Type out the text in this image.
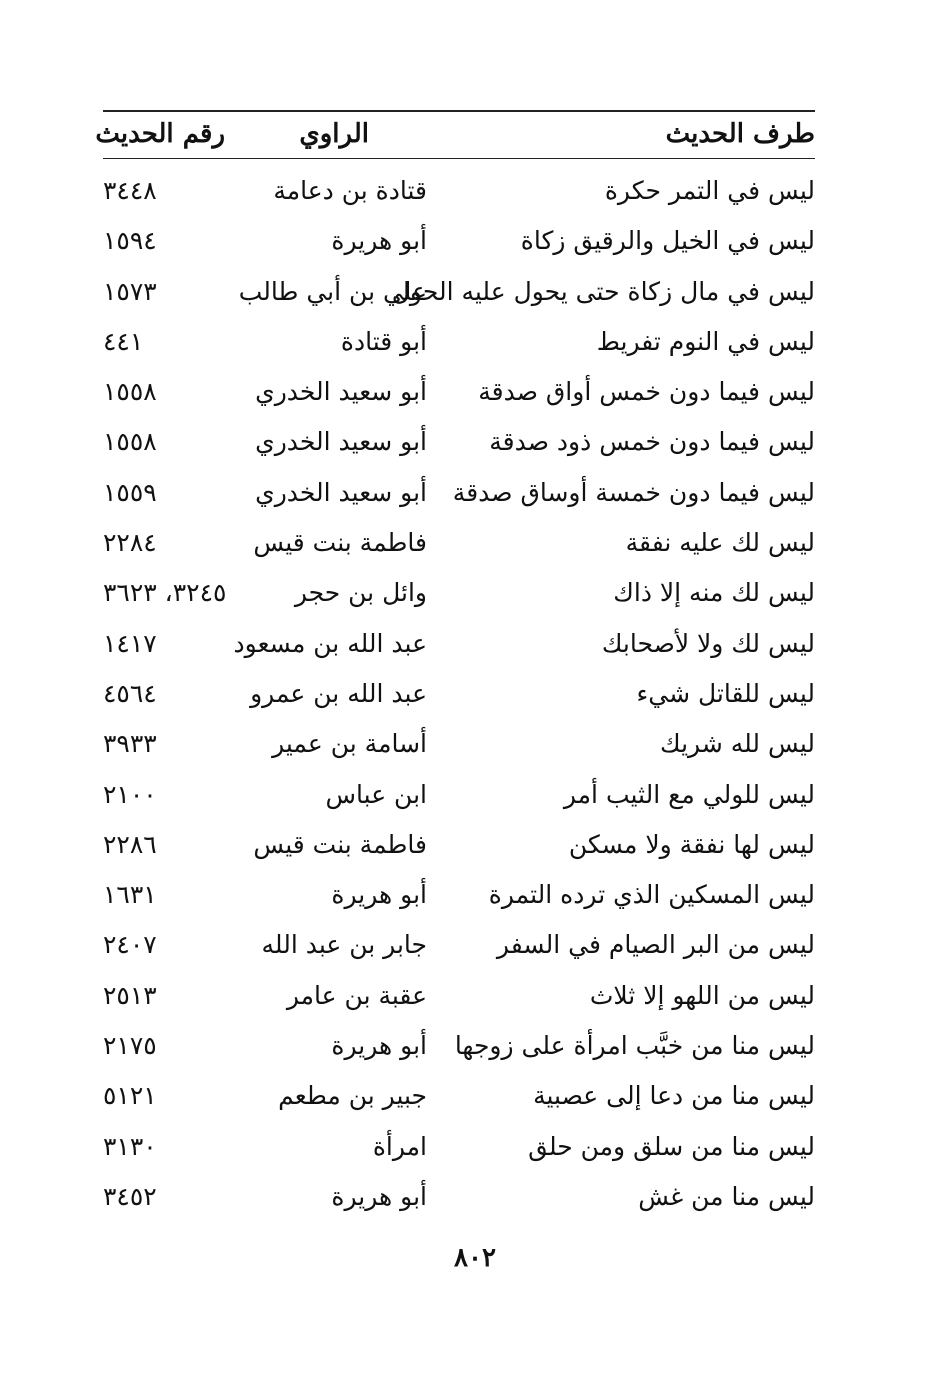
طرف الحديث
الراوي
رقم الحديث
ليس في التمر حكرة
قتادة بن دعامة
٣٤٤٨
ليس في الخيل والرقيق زكاة
أبو هريرة
١٥٩٤
ليس في مال زكاة حتى يحول عليه الحول
علي بن أبي طالب
١٥٧٣
ليس في النوم تفريط
أبو قتادة
٤٤١
ليس فيما دون خمس أواق صدقة
أبو سعيد الخدري
١٥٥٨
ليس فيما دون خمس ذود صدقة
أبو سعيد الخدري
١٥٥٨
ليس فيما دون خمسة أوساق صدقة
أبو سعيد الخدري
١٥٥٩
ليس لك عليه نفقة
فاطمة بنت قيس
٢٢٨٤
ليس لك منه إلا ذاك
وائل بن حجر
٣٢٤٥، ٣٦٢٣
ليس لك ولا لأصحابك
عبد الله بن مسعود
١٤١٧
ليس للقاتل شيء
عبد الله بن عمرو
٤٥٦٤
ليس لله شريك
أسامة بن عمير
٣٩٣٣
ليس للولي مع الثيب أمر
ابن عباس
٢١٠٠
ليس لها نفقة ولا مسكن
فاطمة بنت قيس
٢٢٨٦
ليس المسكين الذي ترده التمرة
أبو هريرة
١٦٣١
ليس من البر الصيام في السفر
جابر بن عبد الله
٢٤٠٧
ليس من اللهو إلا ثلاث
عقبة بن عامر
٢٥١٣
ليس منا من خبَّب امرأة على زوجها
أبو هريرة
٢١٧٥
ليس منا من دعا إلى عصبية
جبير بن مطعم
٥١٢١
ليس منا من سلق ومن حلق
امرأة
٣١٣٠
ليس منا من غش
أبو هريرة
٣٤٥٢
٨٠٢
